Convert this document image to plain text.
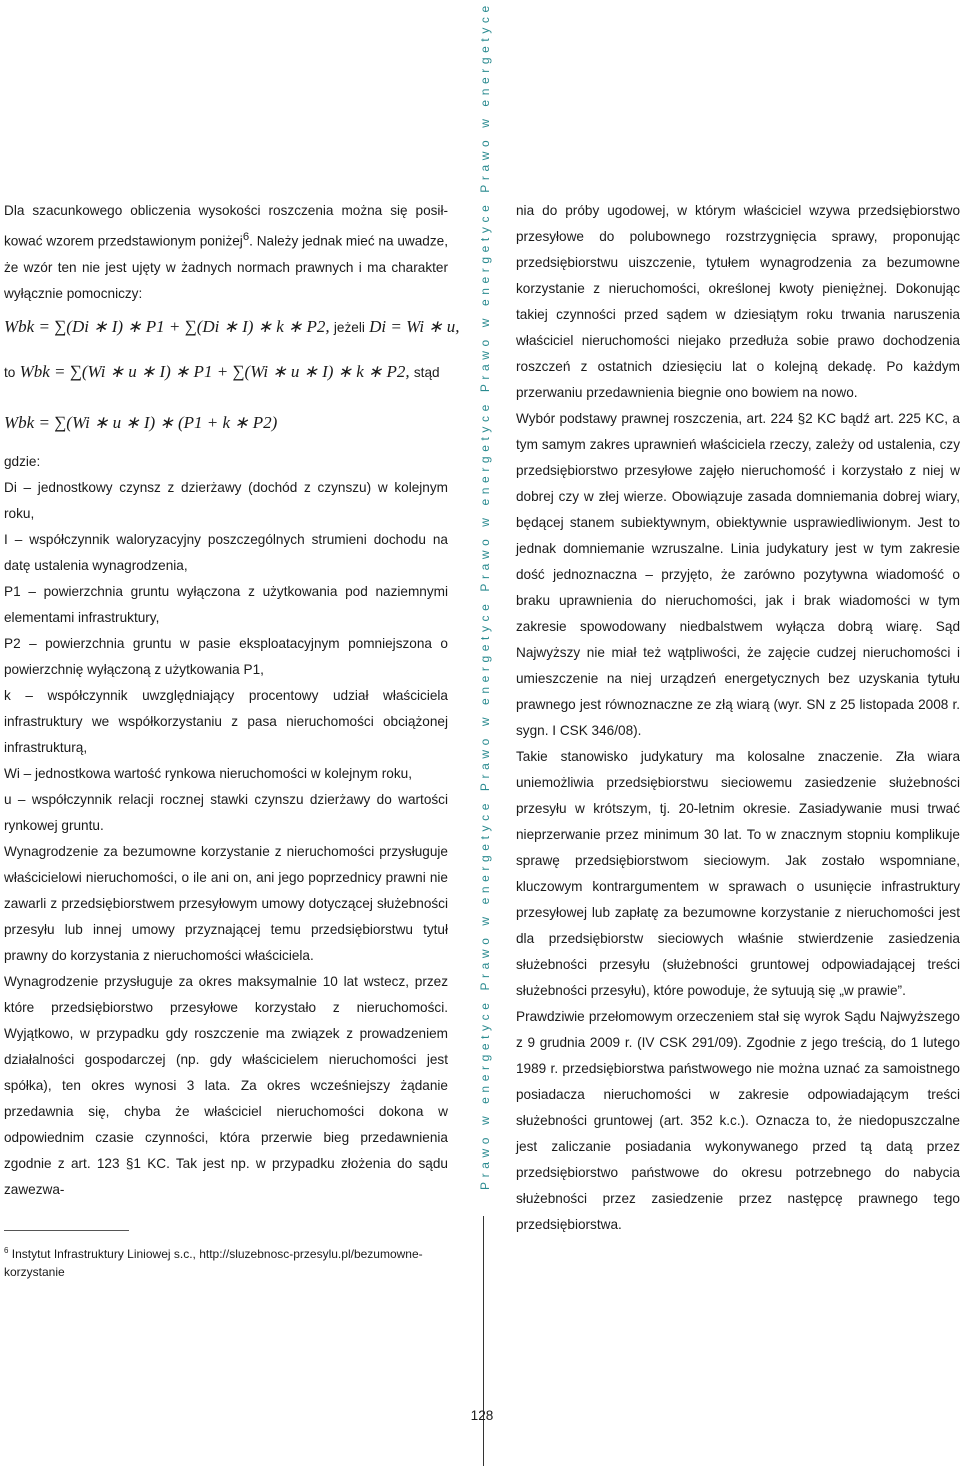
Prawo w energetyce Prawo w energetyce Prawo w energetyce Prawo w energetyce Prawo w energetyce Prawo w energetyce

Dla szacunkowego obliczenia wysokości roszczenia można się posił-kować wzorem przedstawionym poniżej$^6$. Należy jednak mieć na uwadze, że wzór ten nie jest ujęty w żadnych normach prawnych i ma charakter wyłącznie pomocniczy:

Wbk = ∑(Di ∗ I) ∗ P1 + ∑(Di ∗ I) ∗ k ∗ P2, jeżeli Di = Wi ∗ u,

to Wbk = ∑(Wi ∗ u ∗ I) ∗ P1 + ∑(Wi ∗ u ∗ I) ∗ k ∗ P2, stąd

Wbk = ∑(Wi ∗ u ∗ I) ∗ (P1 + k ∗ P2)

gdzie:

Di – jednostkowy czynsz z dzierżawy (dochód z czynszu) w kolejnym roku,

I – współczynnik waloryzacyjny poszczególnych strumieni dochodu na datę ustalenia wynagrodzenia,

P1 – powierzchnia gruntu wyłączona z użytkowania pod naziemnymi elementami infrastruktury,

P2 – powierzchnia gruntu w pasie eksploatacyjnym pomniejszona o powierzchnię wyłączoną z użytkowania P1,

k – współczynnik uwzględniający procentowy udział właściciela infrastruktury we współkorzystaniu z pasa nieruchomości obciążonej infrastrukturą,

Wi – jednostkowa wartość rynkowa nieruchomości w kolejnym roku,

u – współczynnik relacji rocznej stawki czynszu dzierżawy do wartości rynkowej gruntu.

Wynagrodzenie za bezumowne korzystanie z nieruchomości przysługuje właścicielowi nieruchomości, o ile ani on, ani jego poprzednicy prawni nie zawarli z przedsiębiorstwem przesyłowym umowy dotyczącej służebności przesyłu lub innej umowy przyznającej temu przedsiębiorstwu tytuł prawny do korzystania z nieruchomości właściciela.

Wynagrodzenie przysługuje za okres maksymalnie 10 lat wstecz, przez które przedsiębiorstwo przesyłowe korzystało z nieruchomości. Wyjątkowo, w przypadku gdy roszczenie ma związek z prowadzeniem działalności gospodarczej (np. gdy właścicielem nieruchomości jest spółka), ten okres wynosi 3 lata. Za okres wcześniejszy żądanie przedawnia się, chyba że właściciel nieruchomości dokona w odpowiednim czasie czynności, która przerwie bieg przedawnienia zgodnie z art. 123 §1 KC. Tak jest np. w przypadku złożenia do sądu zawezwa-

nia do próby ugodowej, w którym właściciel wzywa przedsiębiorstwo przesyłowe do polubownego rozstrzygnięcia sprawy, proponując przedsiębiorstwu uiszczenie, tytułem wynagrodzenia za bezumowne korzystanie z nieruchomości, określonej kwoty pieniężnej. Dokonując takiej czynności przed sądem w dziesiątym roku trwania naruszenia właściciel nieruchomości niejako przedłuża sobie prawo dochodzenia roszczeń z ostatnich dziesięciu lat o kolejną dekadę. Po każdym przerwaniu przedawnienia biegnie ono bowiem na nowo.

Wybór podstawy prawnej roszczenia, art. 224 §2 KC bądź art. 225 KC, a tym samym zakres uprawnień właściciela rzeczy, zależy od ustalenia, czy przedsiębiorstwo przesyłowe zajęło nieruchomość i korzystało z niej w dobrej czy w złej wierze. Obowiązuje zasada domniemania dobrej wiary, będącej stanem subiektywnym, obiektywnie usprawiedliwionym. Jest to jednak domniemanie wzruszalne. Linia judykatury jest w tym zakresie dość jednoznaczna – przyjęto, że zarówno pozytywna wiadomość o braku uprawnienia do nieruchomości, jak i brak wiadomości w tym zakresie spowodowany niedbalstwem wyłącza dobrą wiarę. Sąd Najwyższy nie miał też wątpliwości, że zajęcie cudzej nieruchomości i umieszczenie na niej urządzeń energetycznych bez uzyskania tytułu prawnego jest równoznaczne ze złą wiarą (wyr. SN z 25 listopada 2008 r. sygn. I CSK 346/08).

Takie stanowisko judykatury ma kolosalne znaczenie. Zła wiara uniemożliwia przedsiębiorstwu sieciowemu zasiedzenie służebności przesyłu w krótszym, tj. 20-letnim okresie. Zasiadywanie musi trwać nieprzerwanie przez minimum 30 lat. To w znacznym stopniu komplikuje sprawę przedsiębiorstwom sieciowym. Jak zostało wspomniane, kluczowym kontrargumentem w sprawach o usunięcie infrastruktury przesyłowej lub zapłatę za bezumowne korzystanie z nieruchomości jest dla przedsiębiorstw sieciowych właśnie stwierdzenie zasiedzenia służebności przesyłu (służebności gruntowej odpowiadającej treści służebności przesyłu), które powoduje, że sytuują się „w prawie”.

Prawdziwie przełomowym orzeczeniem stał się wyrok Sądu Najwyższego z 9 grudnia 2009 r. (IV CSK 291/09). Zgodnie z jego treścią, do 1 lutego 1989 r. przedsiębiorstwa państwowego nie można uznać za samoistnego posiadacza nieruchomości w zakresie odpowiadającym treści służebności gruntowej (art. 352 k.c.). Oznacza to, że niedopuszczalne jest zaliczanie posiadania wykonywanego przed tą datą przez przedsiębiorstwo państwowe do okresu potrzebnego do nabycia służebności przez zasiedzenie przez następcę prawnego tego przedsiębiorstwa.

$^6$ Instytut Infrastruktury Liniowej s.c., http://sluzebnosc-przesylu.pl/bezumowne-korzystanie
128
